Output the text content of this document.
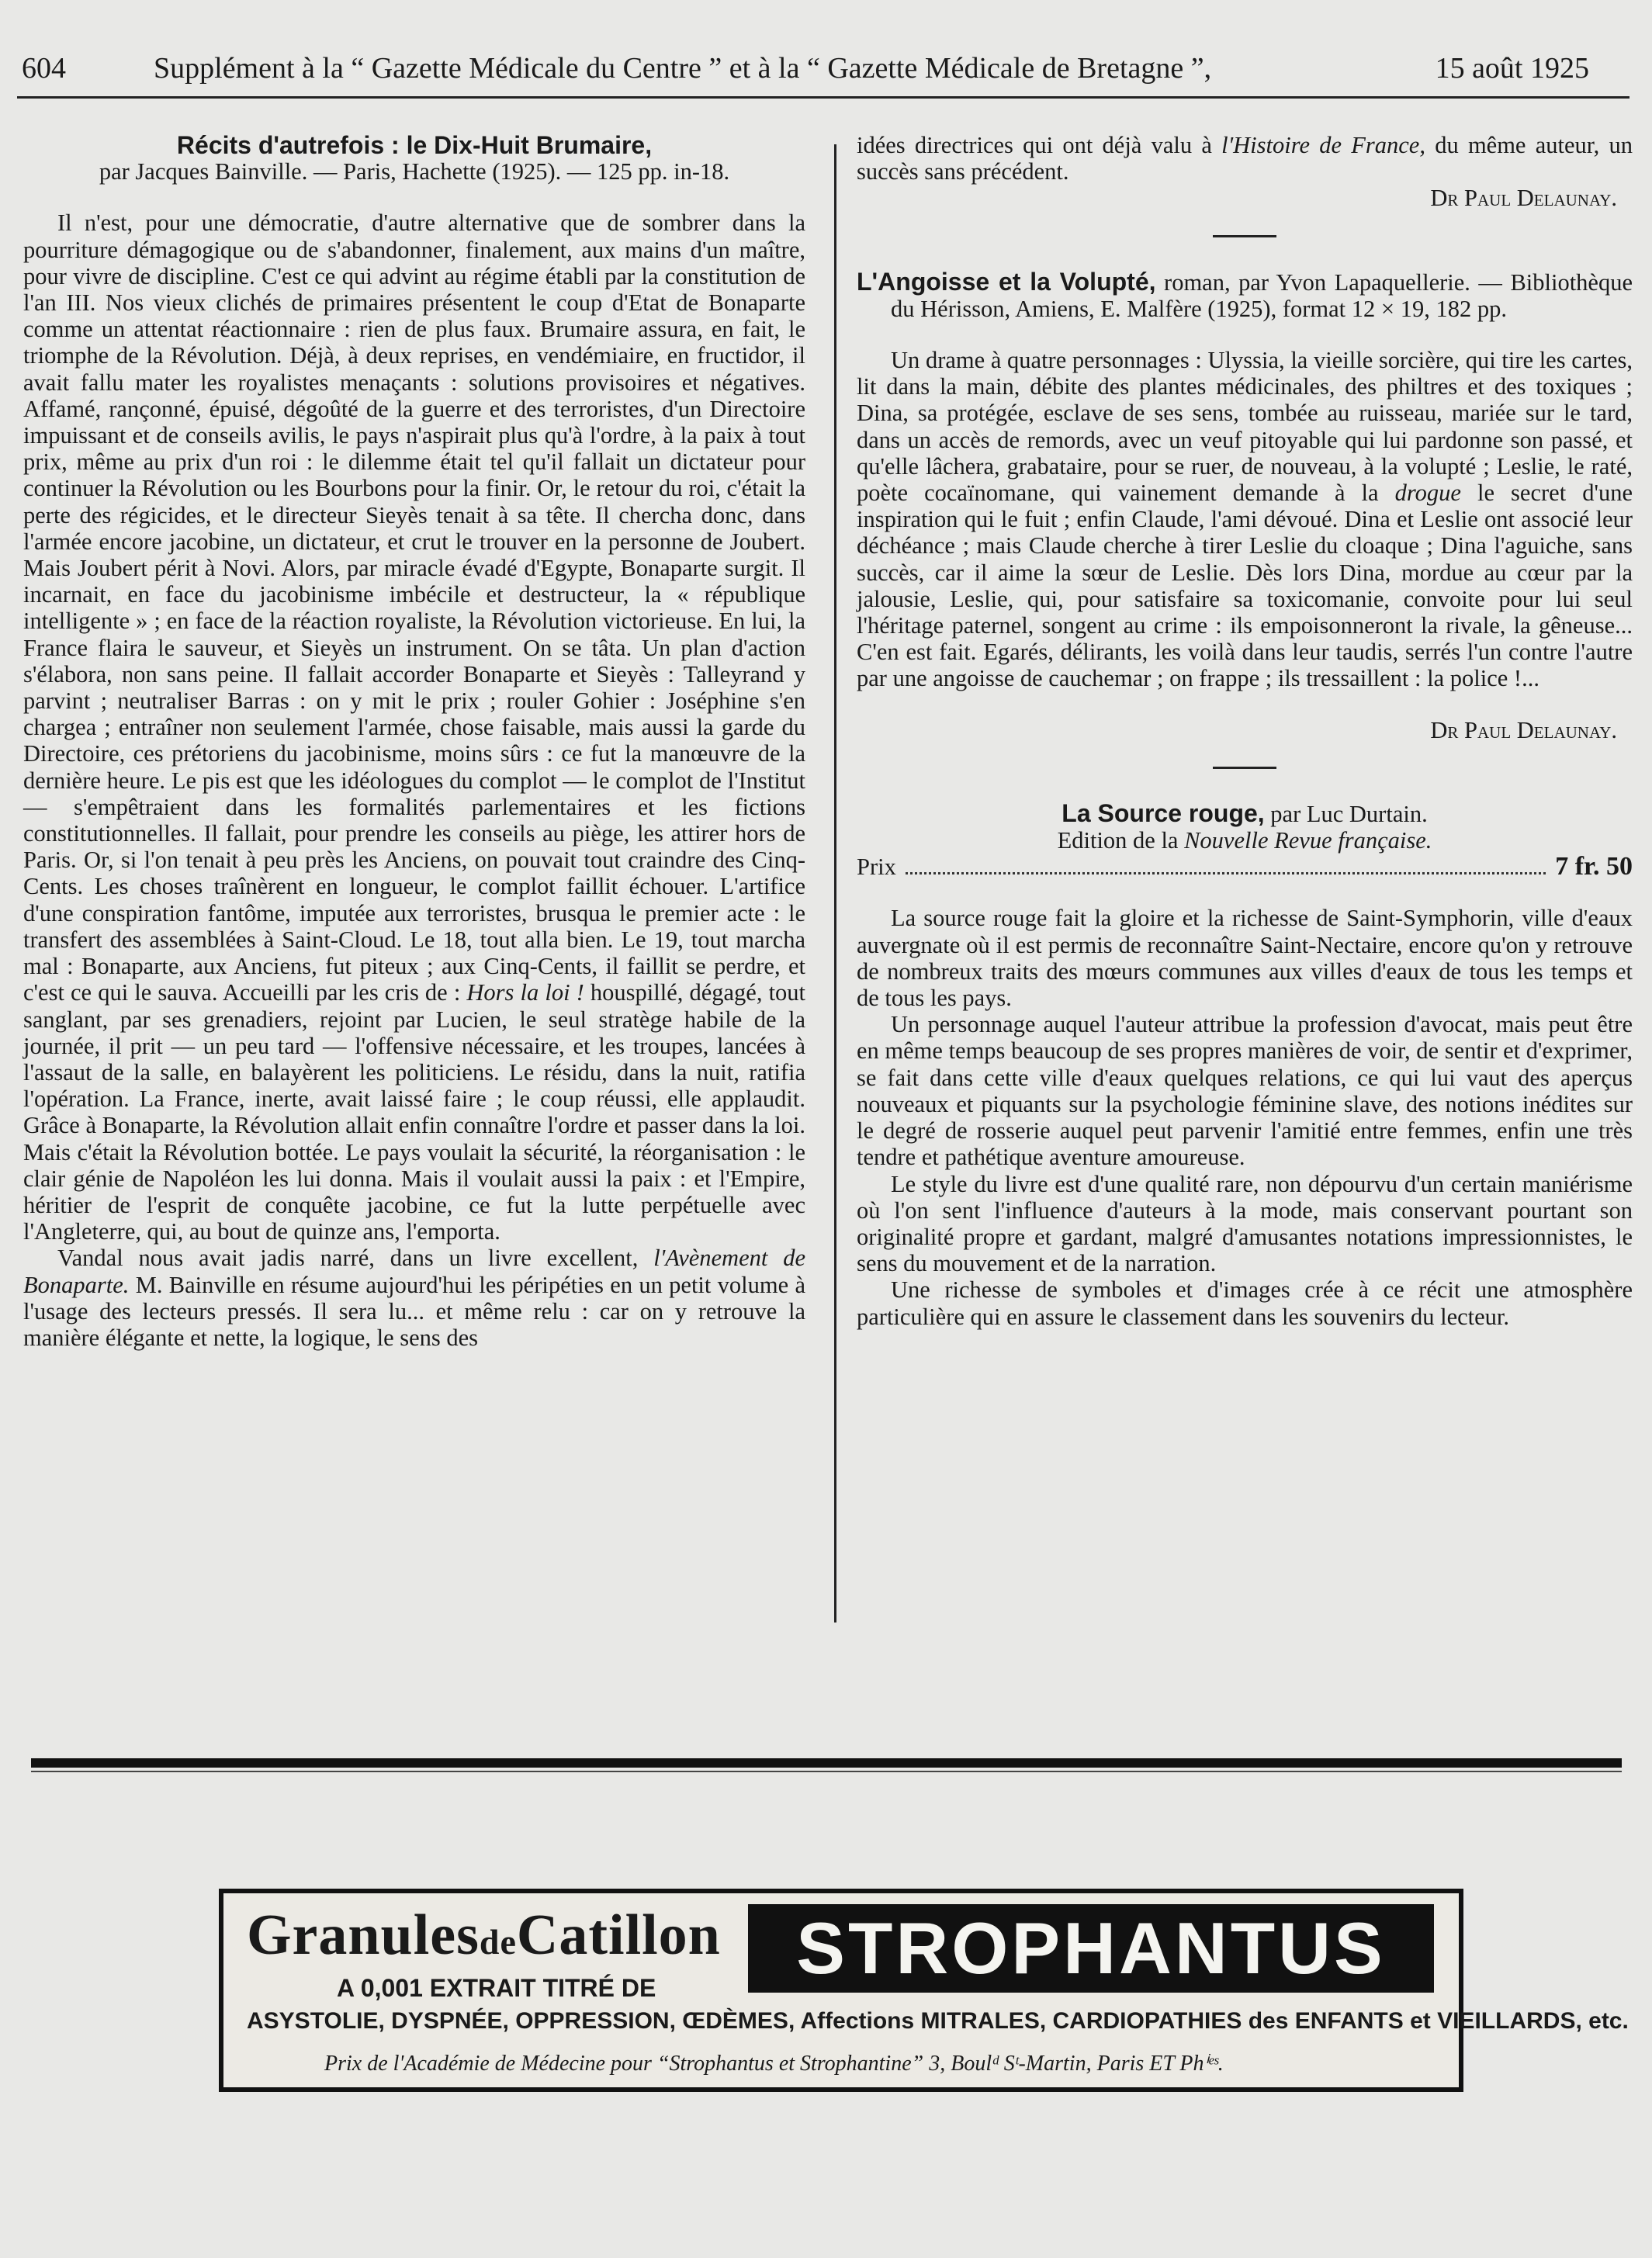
604	Supplément à la “ Gazette Médicale du Centre ” et à la “ Gazette Médicale de Bretagne ”,	15 août 1925

Récits d'autrefois : le Dix-Huit Brumaire,

par Jacques Bainville. — Paris, Hachette (1925). — 125 pp. in-18.

Il n'est, pour une démocratie, d'autre alternative que de sombrer dans la pourriture démagogique ou de s'abandonner, finalement, aux mains d'un maître, pour vivre de discipline. C'est ce qui advint au régime établi par la constitution de l'an III. Nos vieux clichés de primaires présentent le coup d'Etat de Bonaparte comme un attentat réactionnaire : rien de plus faux. Brumaire assura, en fait, le triomphe de la Révolution. Déjà, à deux reprises, en vendémiaire, en fructidor, il avait fallu mater les royalistes menaçants : solutions provisoires et négatives. Affamé, rançonné, épuisé, dégoûté de la guerre et des terroristes, d'un Directoire impuissant et de conseils avilis, le pays n'aspirait plus qu'à l'ordre, à la paix à tout prix, même au prix d'un roi : le dilemme était tel qu'il fallait un dictateur pour continuer la Révolution ou les Bourbons pour la finir. Or, le retour du roi, c'était la perte des régicides, et le directeur Sieyès tenait à sa tête. Il chercha donc, dans l'armée encore jacobine, un dictateur, et crut le trouver en la personne de Joubert. Mais Joubert périt à Novi. Alors, par miracle évadé d'Egypte, Bonaparte surgit. Il incarnait, en face du jacobinisme imbécile et destructeur, la « république intelligente » ; en face de la réaction royaliste, la Révolution victorieuse. En lui, la France flaira le sauveur, et Sieyès un instrument. On se tâta. Un plan d'action s'élabora, non sans peine. Il fallait accorder Bonaparte et Sieyès : Talleyrand y parvint ; neutraliser Barras : on y mit le prix ; rouler Gohier : Joséphine s'en chargea ; entraîner non seulement l'armée, chose faisable, mais aussi la garde du Directoire, ces prétoriens du jacobinisme, moins sûrs : ce fut la manœuvre de la dernière heure. Le pis est que les idéologues du complot — le complot de l'Institut — s'empêtraient dans les formalités parlementaires et les fictions constitutionnelles. Il fallait, pour prendre les conseils au piège, les attirer hors de Paris. Or, si l'on tenait à peu près les Anciens, on pouvait tout craindre des Cinq-Cents. Les choses traînèrent en longueur, le complot faillit échouer. L'artifice d'une conspiration fantôme, imputée aux terroristes, brusqua le premier acte : le transfert des assemblées à Saint-Cloud. Le 18, tout alla bien. Le 19, tout marcha mal : Bonaparte, aux Anciens, fut piteux ; aux Cinq-Cents, il faillit se perdre, et c'est ce qui le sauva. Accueilli par les cris de : Hors la loi ! houspillé, dégagé, tout sanglant, par ses grenadiers, rejoint par Lucien, le seul stratège habile de la journée, il prit — un peu tard — l'offensive nécessaire, et les troupes, lancées à l'assaut de la salle, en balayèrent les politiciens. Le résidu, dans la nuit, ratifia l'opération. La France, inerte, avait laissé faire ; le coup réussi, elle applaudit. Grâce à Bonaparte, la Révolution allait enfin connaître l'ordre et passer dans la loi. Mais c'était la Révolution bottée. Le pays voulait la sécurité, la réorganisation : le clair génie de Napoléon les lui donna. Mais il voulait aussi la paix : et l'Empire, héritier de l'esprit de conquête jacobine, ce fut la lutte perpétuelle avec l'Angleterre, qui, au bout de quinze ans, l'emporta.

Vandal nous avait jadis narré, dans un livre excellent, l'Avènement de Bonaparte. M. Bainville en résume aujourd'hui les péripéties en un petit volume à l'usage des lecteurs pressés. Il sera lu... et même relu : car on y retrouve la manière élégante et nette, la logique, le sens des

idées directrices qui ont déjà valu à l'Histoire de France, du même auteur, un succès sans précédent.

Dr Paul Delaunay.

L'Angoisse et la Volupté, roman, par Yvon Lapaquellerie. — Bibliothèque du Hérisson, Amiens, E. Malfère (1925), format 12 × 19, 182 pp.

Un drame à quatre personnages : Ulyssia, la vieille sorcière, qui tire les cartes, lit dans la main, débite des plantes médicinales, des philtres et des toxiques ; Dina, sa protégée, esclave de ses sens, tombée au ruisseau, mariée sur le tard, dans un accès de remords, avec un veuf pitoyable qui lui pardonne son passé, et qu'elle lâchera, grabataire, pour se ruer, de nouveau, à la volupté ; Leslie, le raté, poète cocaïnomane, qui vainement demande à la drogue le secret d'une inspiration qui le fuit ; enfin Claude, l'ami dévoué. Dina et Leslie ont associé leur déchéance ; mais Claude cherche à tirer Leslie du cloaque ; Dina l'aguiche, sans succès, car il aime la sœur de Leslie. Dès lors Dina, mordue au cœur par la jalousie, Leslie, qui, pour satisfaire sa toxicomanie, convoite pour lui seul l'héritage paternel, songent au crime : ils empoisonneront la rivale, la gêneuse... C'en est fait. Egarés, délirants, les voilà dans leur taudis, serrés l'un contre l'autre par une angoisse de cauchemar ; on frappe ; ils tressaillent : la police !...

Dr Paul Delaunay.

La Source rouge, par Luc Durtain.

Edition de la Nouvelle Revue française.

Prix	7 fr. 50

La source rouge fait la gloire et la richesse de Saint-Symphorin, ville d'eaux auvergnate où il est permis de reconnaître Saint-Nectaire, encore qu'on y retrouve de nombreux traits des mœurs communes aux villes d'eaux de tous les temps et de tous les pays.

Un personnage auquel l'auteur attribue la profession d'avocat, mais peut être en même temps beaucoup de ses propres manières de voir, de sentir et d'exprimer, se fait dans cette ville d'eaux quelques relations, ce qui lui vaut des aperçus nouveaux et piquants sur la psychologie féminine slave, des notions inédites sur le degré de rosserie auquel peut parvenir l'amitié entre femmes, enfin une très tendre et pathétique aventure amoureuse.

Le style du livre est d'une qualité rare, non dépourvu d'un certain maniérisme où l'on sent l'influence d'auteurs à la mode, mais conservant pourtant son originalité propre et gardant, malgré d'amusantes notations impressionnistes, le sens du mouvement et de la narration.

Une richesse de symboles et d'images crée à ce récit une atmosphère particulière qui en assure le classement dans les souvenirs du lecteur.

GranulesdeCatillon	STROPHANTUS
A 0,001 EXTRAIT TITRÉ DE
ASYSTOLIE, DYSPNÉE, OPPRESSION, ŒDÈMES, Affections MITRALES, CARDIOPATHIES des ENFANTS et VIEILLARDS, etc.
Prix de l'Académie de Médecine pour “Strophantus et Strophantine” 3, Boulᵈ Sᵗ-Martin, Paris ET Phⁱᵉˢ.
